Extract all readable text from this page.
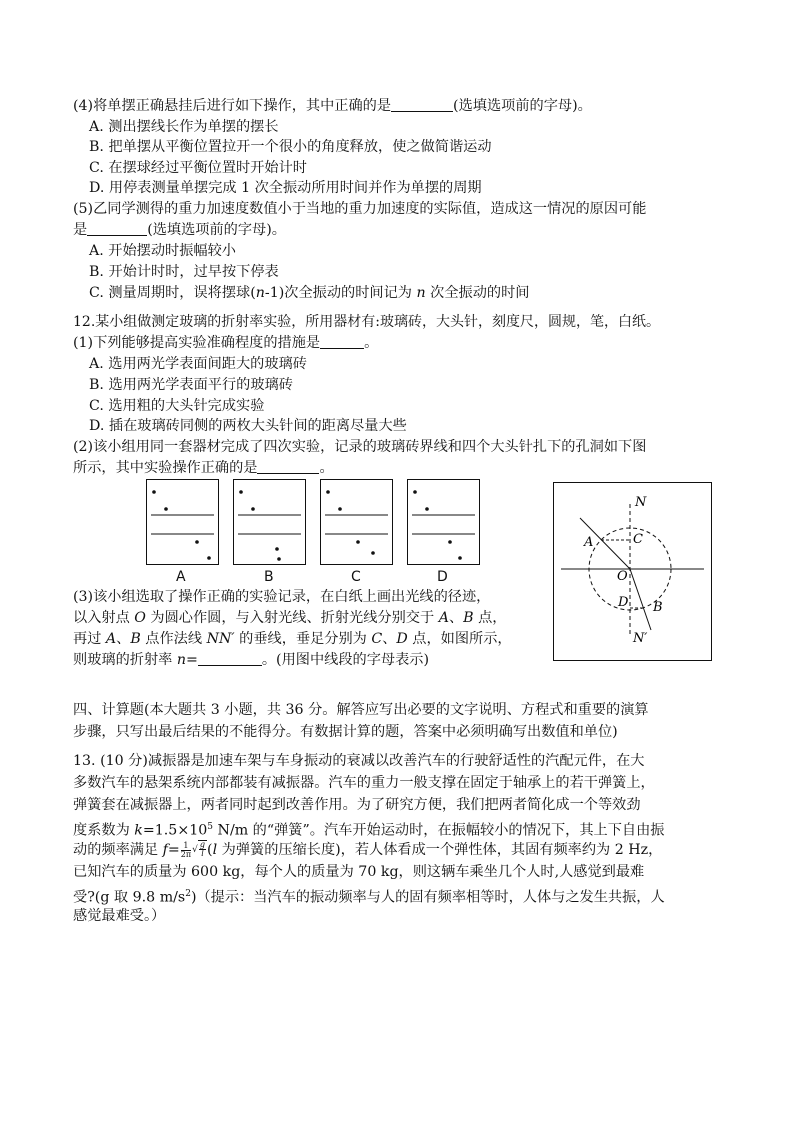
(4)将单摆正确悬挂后进行如下操作，其中正确的是	(选填选项前的字母)。
A. 测出摆线长作为单摆的摆长
B. 把单摆从平衡位置拉开一个很小的角度释放，使之做简谐运动
C. 在摆球经过平衡位置时开始计时
D. 用停表测量单摆完成 1 次全振动所用时间并作为单摆的周期
(5)乙同学测得的重力加速度数值小于当地的重力加速度的实际值，造成这一情况的原因可能
是	(选填选项前的字母)。
A. 开始摆动时振幅较小
B. 开始计时时，过早按下停表
C. 测量周期时，误将摆球(n-1)次全振动的时间记为 n 次全振动的时间
12.某小组做测定玻璃的折射率实验，所用器材有:玻璃砖，大头针，刻度尺，圆规，笔，白纸。
(1)下列能够提高实验准确程度的措施是	。
A. 选用两光学表面间距大的玻璃砖
B. 选用两光学表面平行的玻璃砖
C. 选用粗的大头针完成实验
D. 插在玻璃砖同侧的两枚大头针间的距离尽量大些
(2)该小组用同一套器材完成了四次实验，记录的玻璃砖界线和四个大头针扎下的孔洞如下图
所示，其中实验操作正确的是	。
A	B	C	D
N
A	C
O
D B
N′
(3)该小组选取了操作正确的实验记录，在白纸上画出光线的径迹，
以入射点 O 为圆心作圆，与入射光线、折射光线分别交于 A、B 点，
再过 A、B 点作法线 NN′ 的垂线，垂足分别为 C、D 点，如图所示，
则玻璃的折射率 n=	。(用图中线段的字母表示)
四、计算题(本大题共 3 小题，共 36 分。解答应写出必要的文字说明、方程式和重要的演算
步骤，只写出最后结果的不能得分。有数据计算的题，答案中必须明确写出数值和单位)
13. (10 分)减振器是加速车架与车身振动的衰减以改善汽车的行驶舒适性的汽配元件，在大
多数汽车的悬架系统内部都装有减振器。汽车的重力一般支撑在固定于轴承上的若干弹簧上，
弹簧套在减振器上，两者同时起到改善作用。为了研究方便，我们把两者简化成一个等效劲
度系数为 $k=1.5\times 10^5$ N/m 的“弹簧”。汽车开始运动时，在振幅较小的情况下，其上下自由振
动的频率满足 $f= \frac{1}{2\pi}$ √ $\frac{g}{l} (l$ 为弹簧的压缩长度)，若人体看成一个弹性体，其固有频率约为 2 Hz，
已知汽车的质量为 600 kg，每个人的质量为 70 kg，则这辆车乘坐几个人时,人感觉到最难
受?(g 取 9.8 $m/s^2$)（提示：当汽车的振动频率与人的固有频率相等时，人体与之发生共振，人
感觉最难受。）
